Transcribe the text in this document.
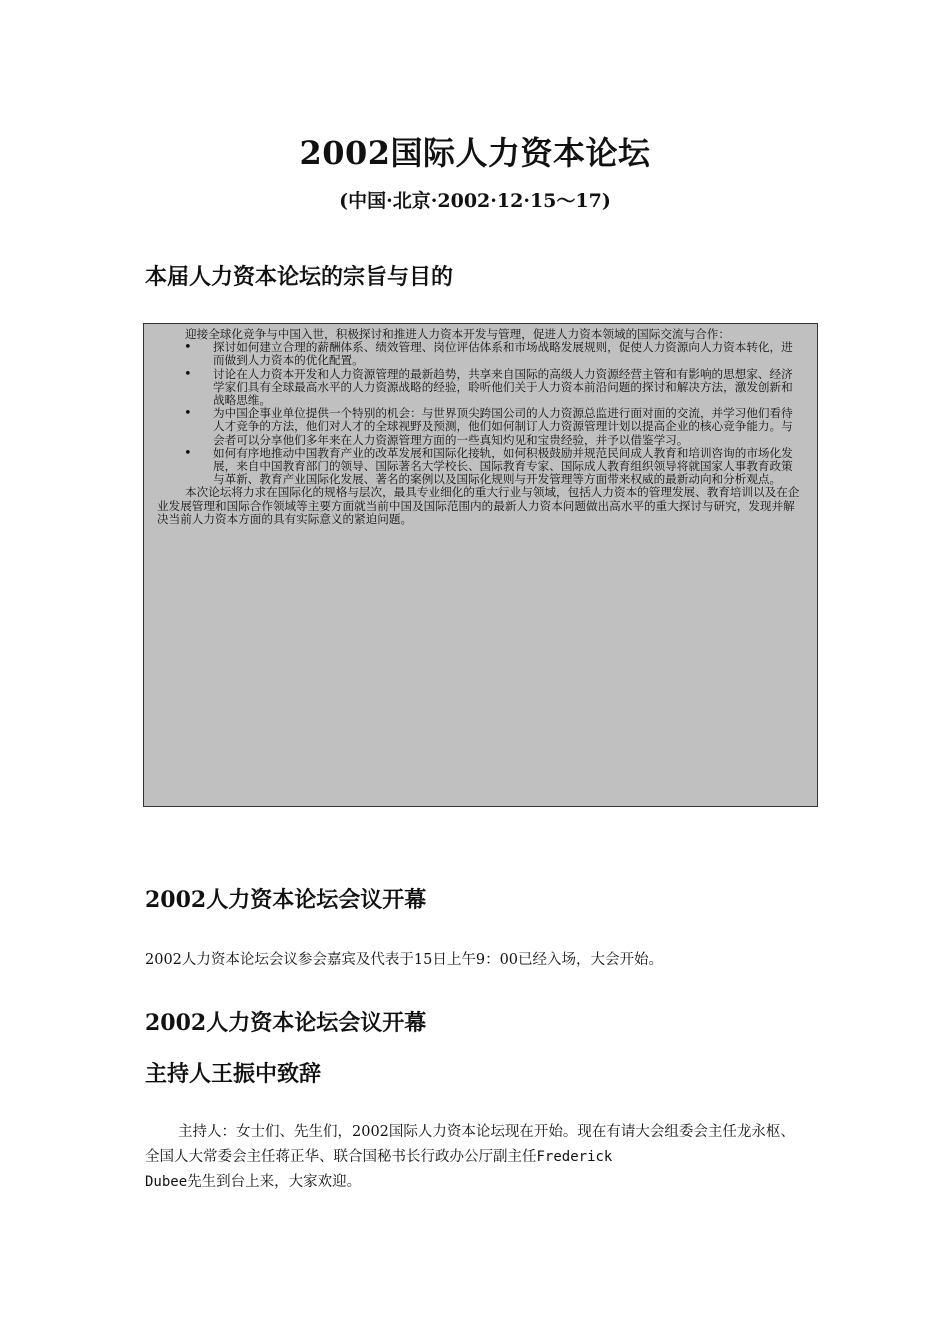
2002国际人力资本论坛
(中国·北京·2002·12·15～17)
本届人力资本论坛的宗旨与目的

迎接全球化竞争与中国入世，积极探讨和推进人力资本开发与管理，促进人力资本领域的国际交流与合作：

• 探讨如何建立合理的薪酬体系、绩效管理、岗位评估体系和市场战略发展规则，促使人力资源向人力资本转化，进而做到人力资本的优化配置。
• 讨论在人力资本开发和人力资源管理的最新趋势，共享来自国际的高级人力资源经营主管和有影响的思想家、经济学家们具有全球最高水平的人力资源战略的经验，聆听他们关于人力资本前沿问题的探讨和解决方法，激发创新和战略思维。
• 为中国企事业单位提供一个特别的机会：与世界顶尖跨国公司的人力资源总监进行面对面的交流，并学习他们看待人才竞争的方法，他们对人才的全球视野及预测，他们如何制订人力资源管理计划以提高企业的核心竞争能力。与会者可以分享他们多年来在人力资源管理方面的一些真知灼见和宝贵经验，并予以借鉴学习。
• 如何有序地推动中国教育产业的改革发展和国际化接轨，如何积极鼓励并规范民间成人教育和培训咨询的市场化发展，来自中国教育部门的领导、国际著名大学校长、国际教育专家、国际成人教育组织领导将就国家人事教育政策与革新、教育产业国际化发展、著名的案例以及国际化规则与开发管理等方面带来权威的最新动向和分析观点。

本次论坛将力求在国际化的规格与层次，最具专业细化的重大行业与领域，包括人力资本的管理发展、教育培训以及在企业发展管理和国际合作领域等主要方面就当前中国及国际范围内的最新人力资本问题做出高水平的重大探讨与研究，发现并解决当前人力资本方面的具有实际意义的紧迫问题。

2002人力资本论坛会议开幕
2002人力资本论坛会议参会嘉宾及代表于15日上午9：00已经入场，大会开始。
2002人力资本论坛会议开幕
主持人王振中致辞
主持人：女士们、先生们，2002国际人力资本论坛现在开始。现在有请大会组委会主任龙永枢、全国人大常委会主任蒋正华、联合国秘书长行政办公厅副主任Frederick
Dubee先生到台上来，大家欢迎。
